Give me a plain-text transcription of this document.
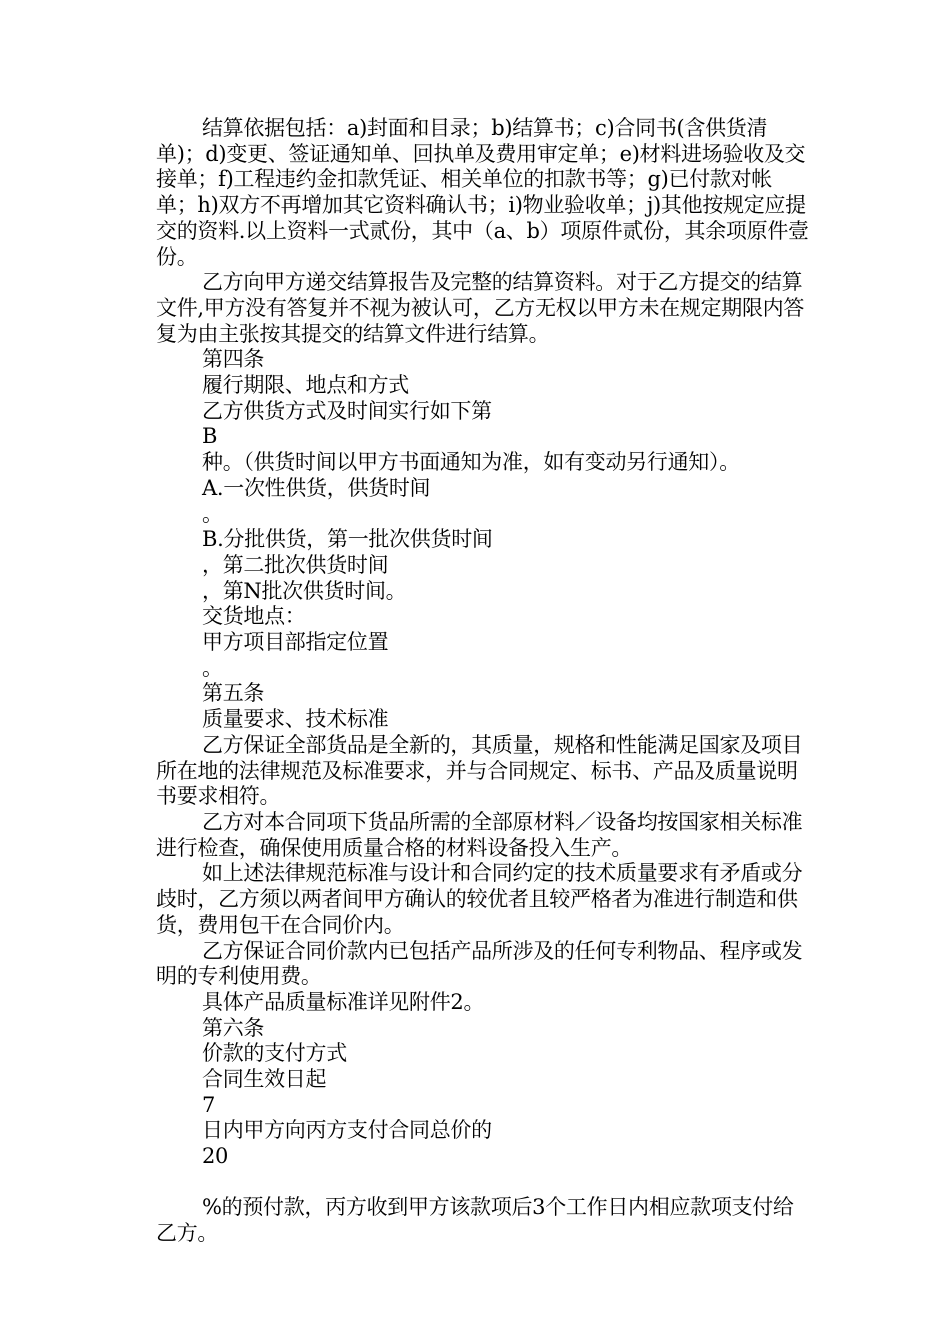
结算依据包括：a)封面和目录；b)结算书；c)合同书(含供货清单)；d)变更、签证通知单、回执单及费用审定单；e)材料进场验收及交接单；f)工程违约金扣款凭证、相关单位的扣款书等；g)已付款对帐单；h)双方不再增加其它资料确认书；i)物业验收单；j)其他按规定应提交的资料.以上资料一式贰份，其中（a、b）项原件贰份，其余项原件壹份。

乙方向甲方递交结算报告及完整的结算资料。对于乙方提交的结算文件,甲方没有答复并不视为被认可，乙方无权以甲方未在规定期限内答复为由主张按其提交的结算文件进行结算。

第四条

履行期限、地点和方式

乙方供货方式及时间实行如下第

B

种。（供货时间以甲方书面通知为准，如有变动另行通知）。

A.一次性供货，供货时间

。

B.分批供货，第一批次供货时间

，第二批次供货时间

，第N批次供货时间。

交货地点：

甲方项目部指定位置

。

第五条

质量要求、技术标准

乙方保证全部货品是全新的，其质量，规格和性能满足国家及项目所在地的法律规范及标准要求，并与合同规定、标书、产品及质量说明书要求相符。

乙方对本合同项下货品所需的全部原材料／设备均按国家相关标准进行检查，确保使用质量合格的材料设备投入生产。

如上述法律规范标准与设计和合同约定的技术质量要求有矛盾或分歧时，乙方须以两者间甲方确认的较优者且较严格者为准进行制造和供货，费用包干在合同价内。

乙方保证合同价款内已包括产品所涉及的任何专利物品、程序或发明的专利使用费。

具体产品质量标准详见附件2。

第六条

价款的支付方式

合同生效日起

7

日内甲方向丙方支付合同总价的

20

%的预付款，丙方收到甲方该款项后3个工作日内相应款项支付给乙方。
